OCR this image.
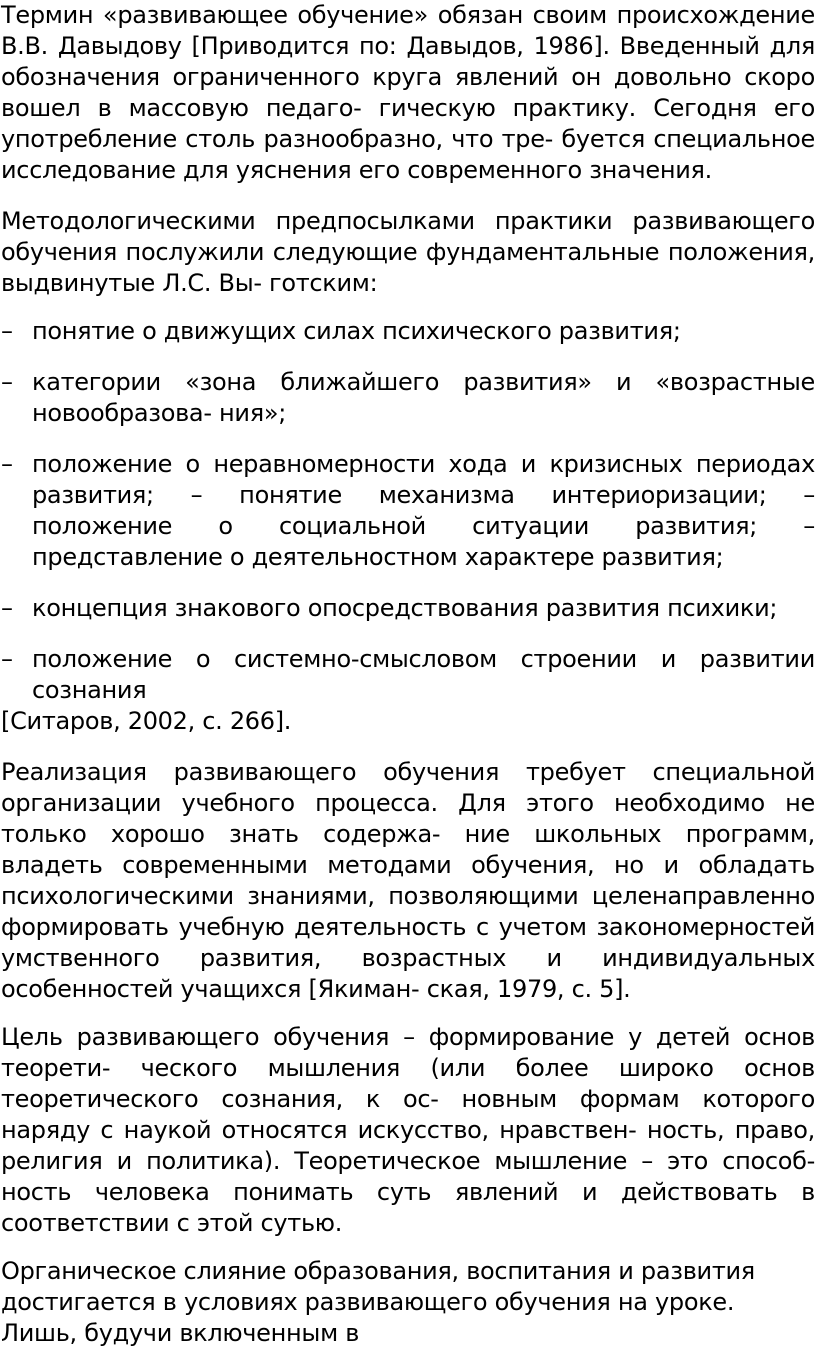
Термин «развивающее обучение» обязан своим происхождение В.В. Давыдову [Приводится по: Давыдов, 1986]. Введенный для обозначения ограниченного круга явлений он довольно скоро вошел в массовую педаго- гическую практику. Сегодня его употребление столь разнообразно, что тре- буется специальное исследование для уяснения его современного значения.

Методологическими предпосылками практики развивающего обучения послужили следующие фундаментальные положения, выдвинутые Л.С. Вы- готским:

– понятие о движущих силах психического развития;
– категории «зона ближайшего развития» и «возрастные новообразова- ния»;
– положение о неравномерности хода и кризисных периодах развития; – понятие механизма интериоризации; – положение о социальной ситуации развития; – представление о деятельностном характере развития;
– концепция знакового опосредствования развития психики;
– положение о системно-смысловом строении и развитии сознания
[Ситаров, 2002, с. 266].

Реализация развивающего обучения требует специальной организации учебного процесса. Для этого необходимо не только хорошо знать содержа- ние школьных программ, владеть современными методами обучения, но и обладать психологическими знаниями, позволяющими целенаправленно формировать учебную деятельность с учетом закономерностей умственного развития, возрастных и индивидуальных особенностей учащихся [Якиман- ская, 1979, с. 5].

Цель развивающего обучения – формирование у детей основ теорети- ческого мышления (или более широко основ теоретического сознания, к ос- новным формам которого наряду с наукой относятся искусство, нравствен- ность, право, религия и политика). Теоретическое мышление – это способ- ность человека понимать суть явлений и действовать в соответствии с этой сутью.

Органическое слияние образования, воспитания и развития достигается в условиях развивающего обучения на уроке. Лишь, будучи включенным в
